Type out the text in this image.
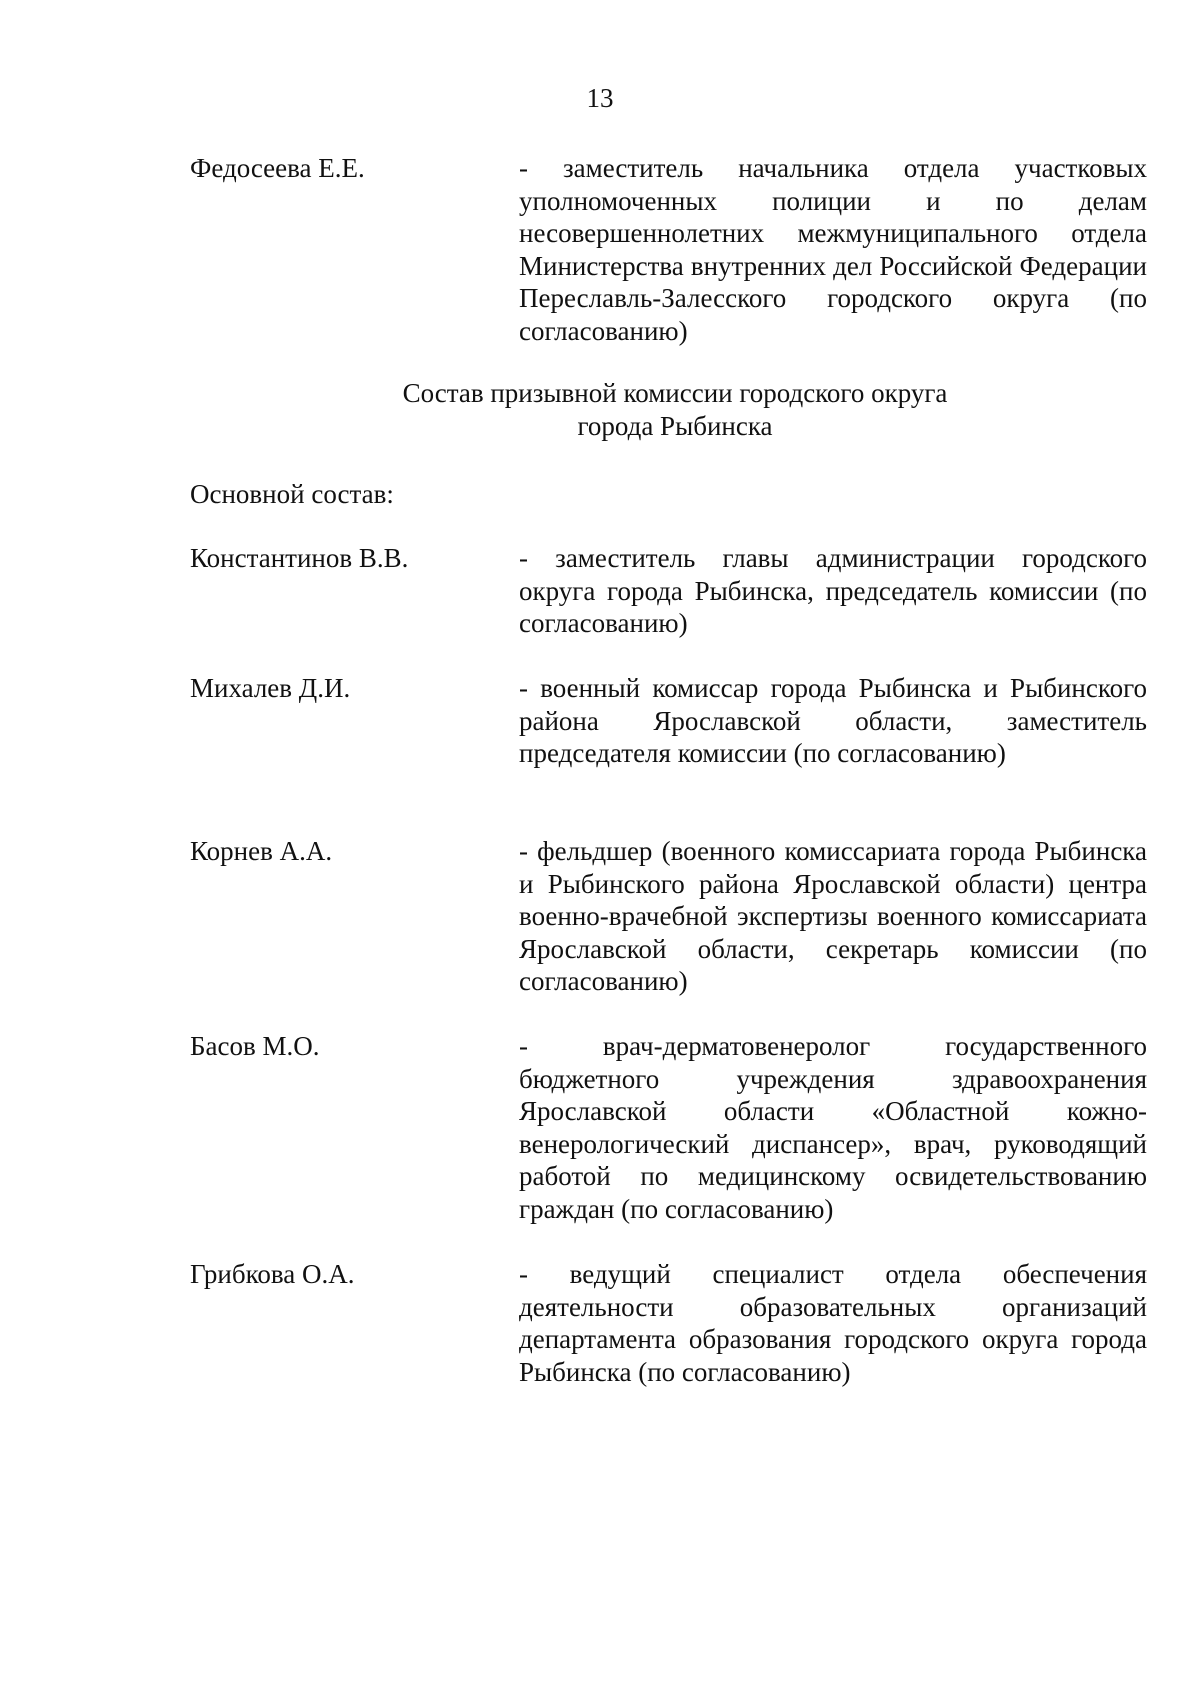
13
Федосеева Е.Е.	- заместитель начальника отдела участковых уполномоченных полиции и по делам несовершеннолетних межмуниципального отдела Министерства внутренних дел Российской Федерации Переславль-Залесского городского округа (по согласованию)
Состав призывной комиссии городского округа
города Рыбинска
Основной состав:
Константинов В.В.	- заместитель главы администрации городского округа города Рыбинска, председатель комиссии (по согласованию)
Михалев Д.И.	- военный комиссар города Рыбинска и Рыбинского района Ярославской области, заместитель председателя комиссии (по согласованию)
Корнев А.А.	- фельдшер (военного комиссариата города Рыбинска и Рыбинского района Ярославской области) центра военно-врачебной экспертизы военного комиссариата Ярославской области, секретарь комиссии (по согласованию)
Басов М.О.	- врач-дерматовенеролог государственного бюджетного учреждения здравоохранения Ярославской области «Областной кожно-венерологический диспансер», врач, руководящий работой по медицинскому освидетельствованию граждан (по согласованию)
Грибкова О.А.	- ведущий специалист отдела обеспечения деятельности образовательных организаций департамента образования городского округа города Рыбинска (по согласованию)
